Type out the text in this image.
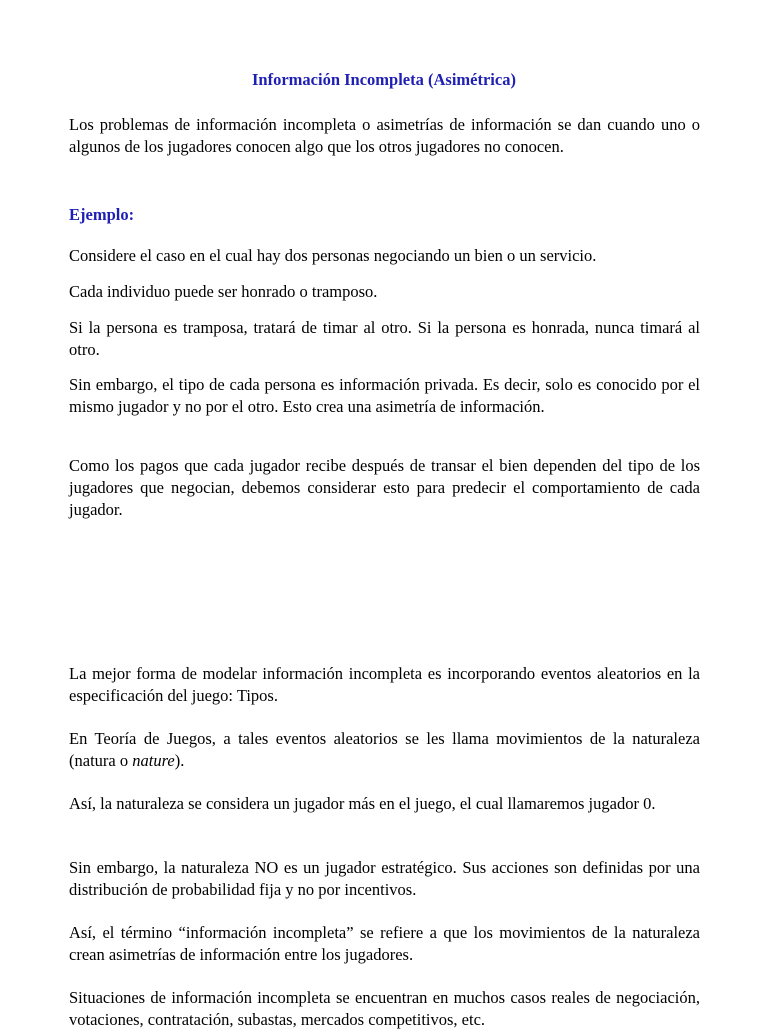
Información Incompleta (Asimétrica)

Los problemas de información incompleta o asimetrías de información se dan cuando uno o algunos de los jugadores conocen algo que los otros jugadores no conocen.

Ejemplo:

Considere el caso en el cual hay dos personas negociando un bien o un servicio.

Cada individuo puede ser honrado o tramposo.

Si la persona es tramposa, tratará de timar al otro. Si la persona es honrada, nunca timará al otro.

Sin embargo, el tipo de cada persona es información privada. Es decir, solo es conocido por el mismo jugador y no por el otro. Esto crea una asimetría de información.

Como los pagos que cada jugador recibe después de transar el bien dependen del tipo de los jugadores que negocian, debemos considerar esto para predecir el comportamiento de cada jugador.

La mejor forma de modelar información incompleta es incorporando eventos aleatorios en la especificación del juego: Tipos.

En Teoría de Juegos, a tales eventos aleatorios se les llama movimientos de la naturaleza (natura o nature).

Así, la naturaleza se considera un jugador más en el juego, el cual llamaremos jugador 0.

Sin embargo, la naturaleza NO es un jugador estratégico. Sus acciones son definidas por una distribución de probabilidad fija y no por incentivos.

Así, el término “información incompleta” se refiere a que los movimientos de la naturaleza crean asimetrías de información entre los jugadores.

Situaciones de información incompleta se encuentran en muchos casos reales de negociación, votaciones, contratación, subastas, mercados competitivos, etc.
